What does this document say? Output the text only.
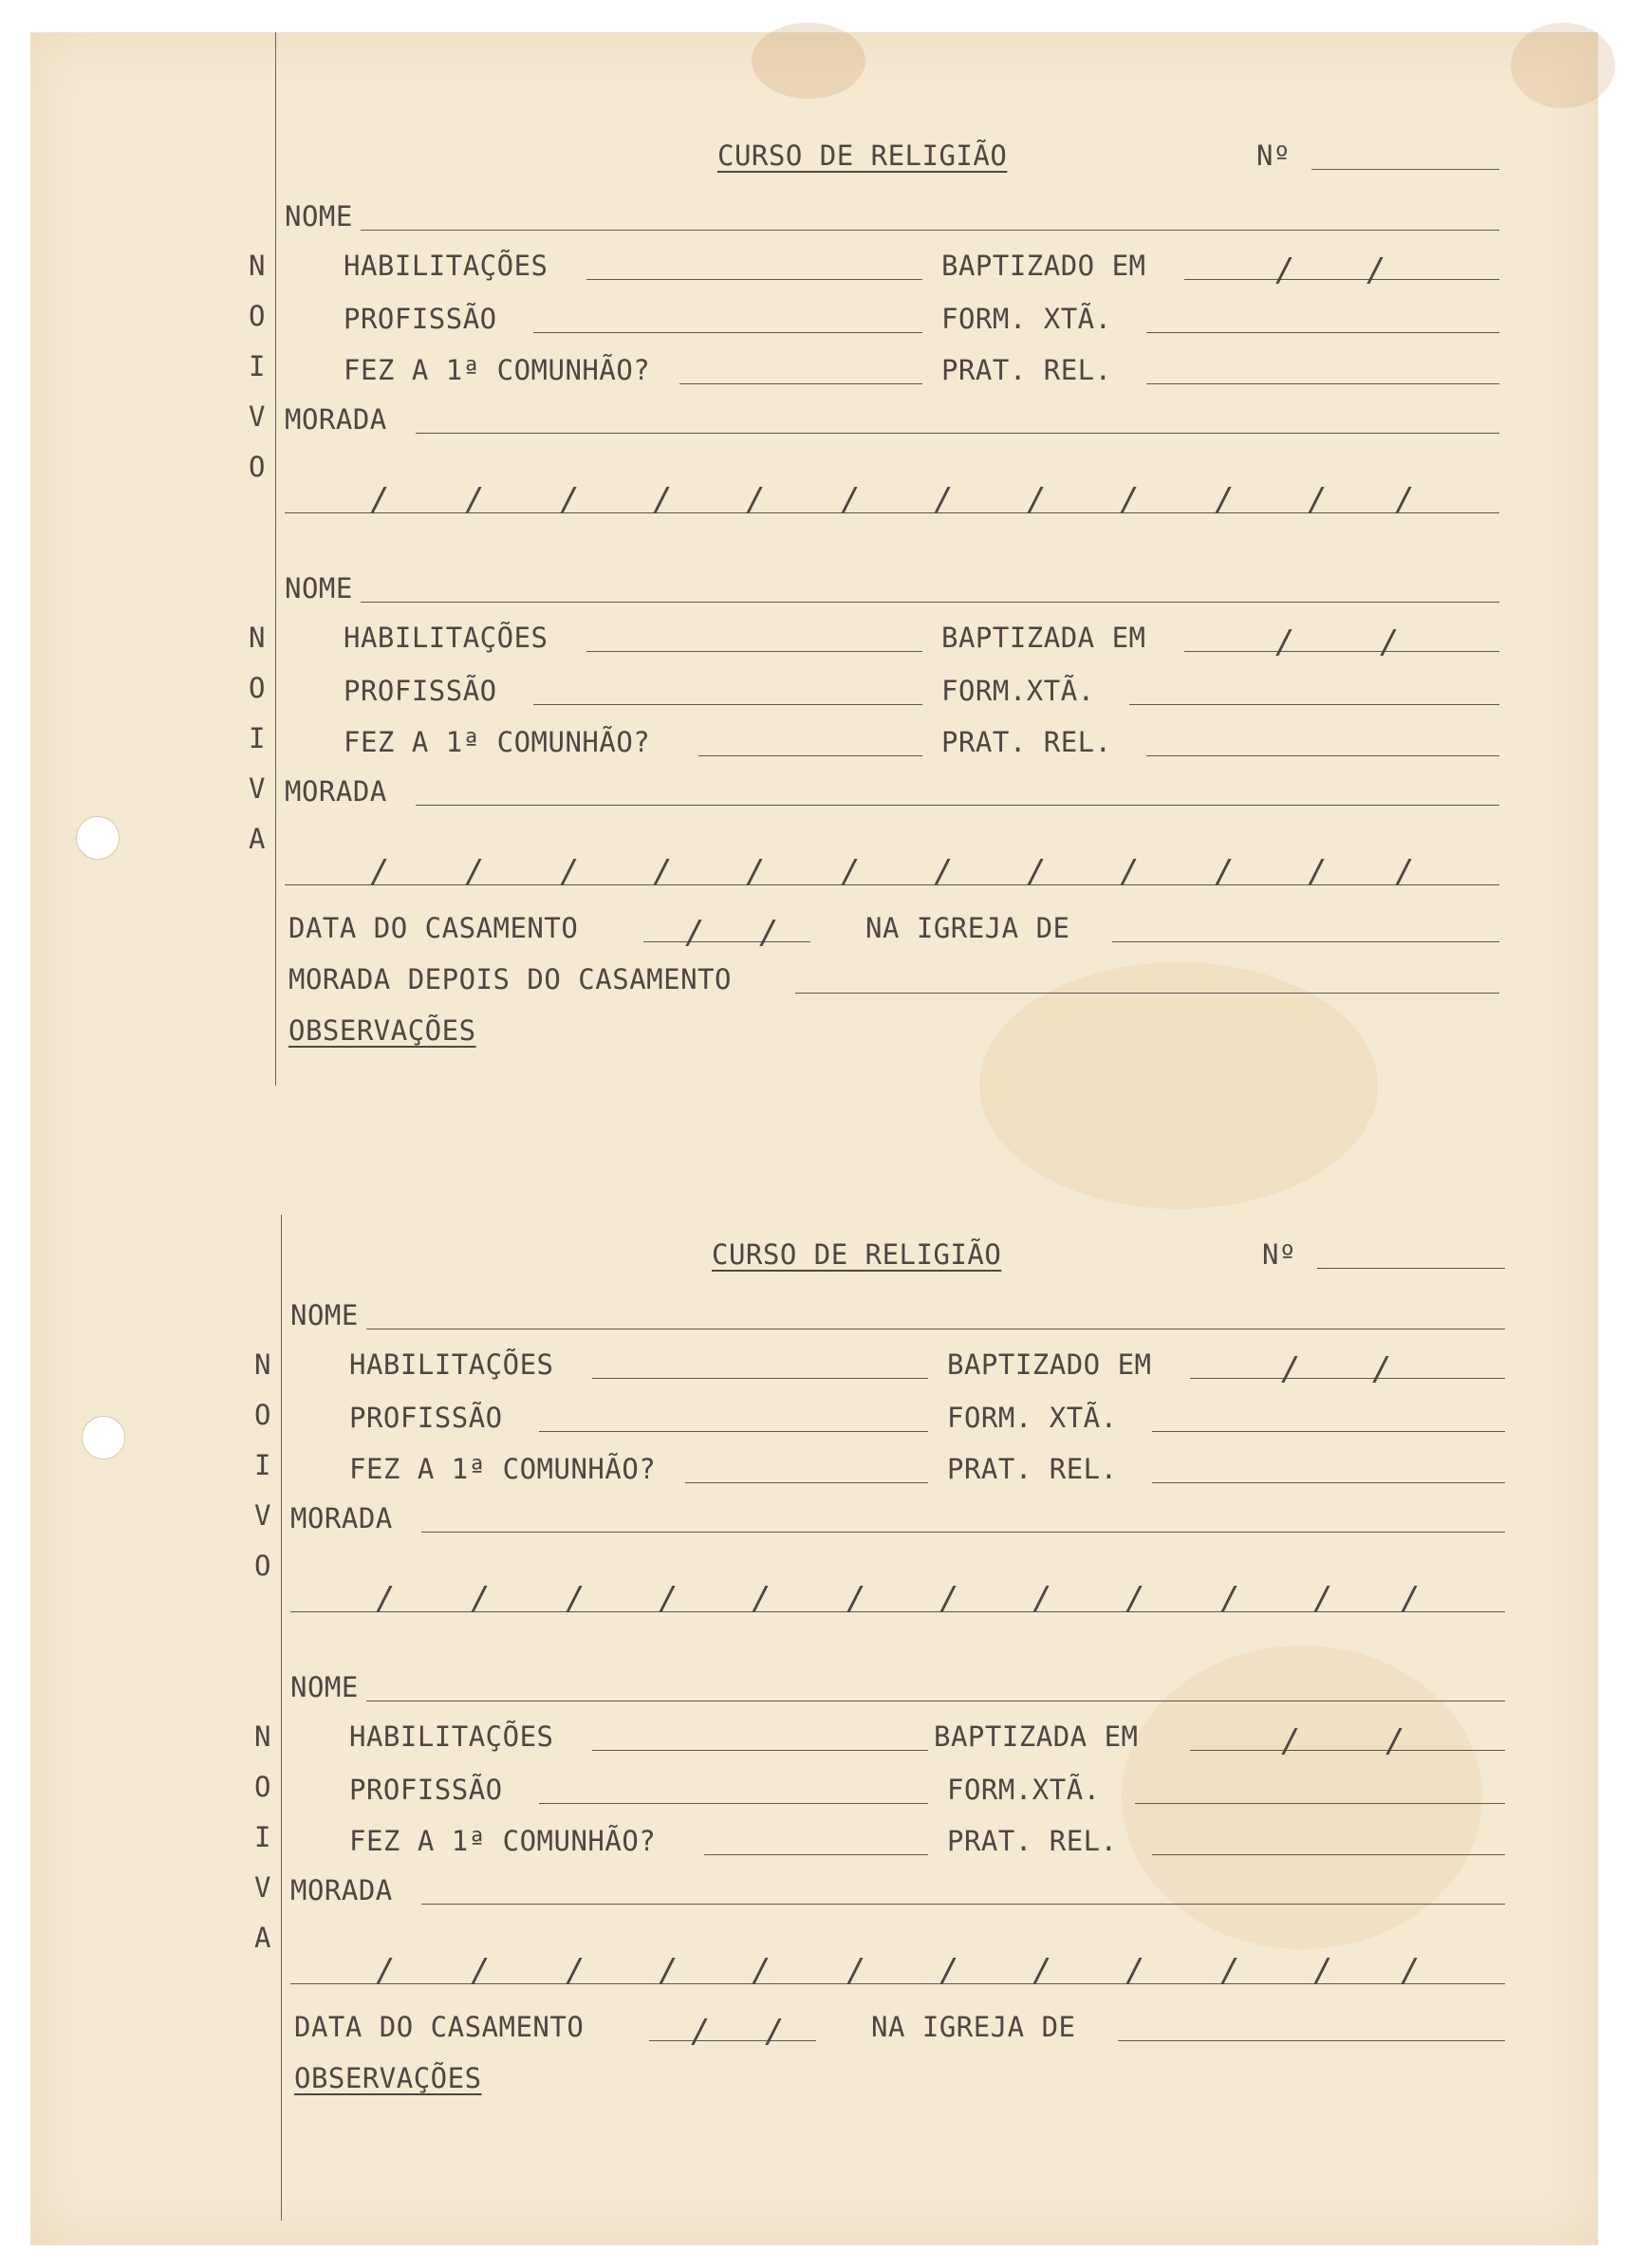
CURSO DE RELIGIÃO	Nº
NOME
HABILITAÇÕES	BAPTIZADO EM	/ /
PROFISSÃO	FORM. XTÃ.
FEZ A 1ª COMUNHÃO?	PRAT. REL.
MORADA
/ / / / / / / / / / / /
N
O
I
V
O
NOME
HABILITAÇÕES	BAPTIZADA EM	/	/
PROFISSÃO	FORM.XTÃ.
FEZ A 1ª COMUNHÃO?	PRAT. REL.
MORADA
/ / / / / / / / / / / /
N
O
I
V
A
DATA DO CASAMENTO	/ /	NA IGREJA DE
MORADA DEPOIS DO CASAMENTO
OBSERVAÇÕES
CURSO DE RELIGIÃO	Nº
NOME
HABILITAÇÕES	BAPTIZADO EM	/ /
PROFISSÃO	FORM. XTÃ.
FEZ A 1ª COMUNHÃO?	PRAT. REL.
MORADA
/ / / / / / / / / / / /
N
O
I
V
O
NOME
HABILITAÇÕES	BAPTIZADA EM	/	/
PROFISSÃO	FORM.XTÃ.
FEZ A 1ª COMUNHÃO?	PRAT. REL.
MORADA
/ / / / / / / / / / / /
N
O
I
V
A
DATA DO CASAMENTO	/ /	NA IGREJA DE
OBSERVAÇÕES
